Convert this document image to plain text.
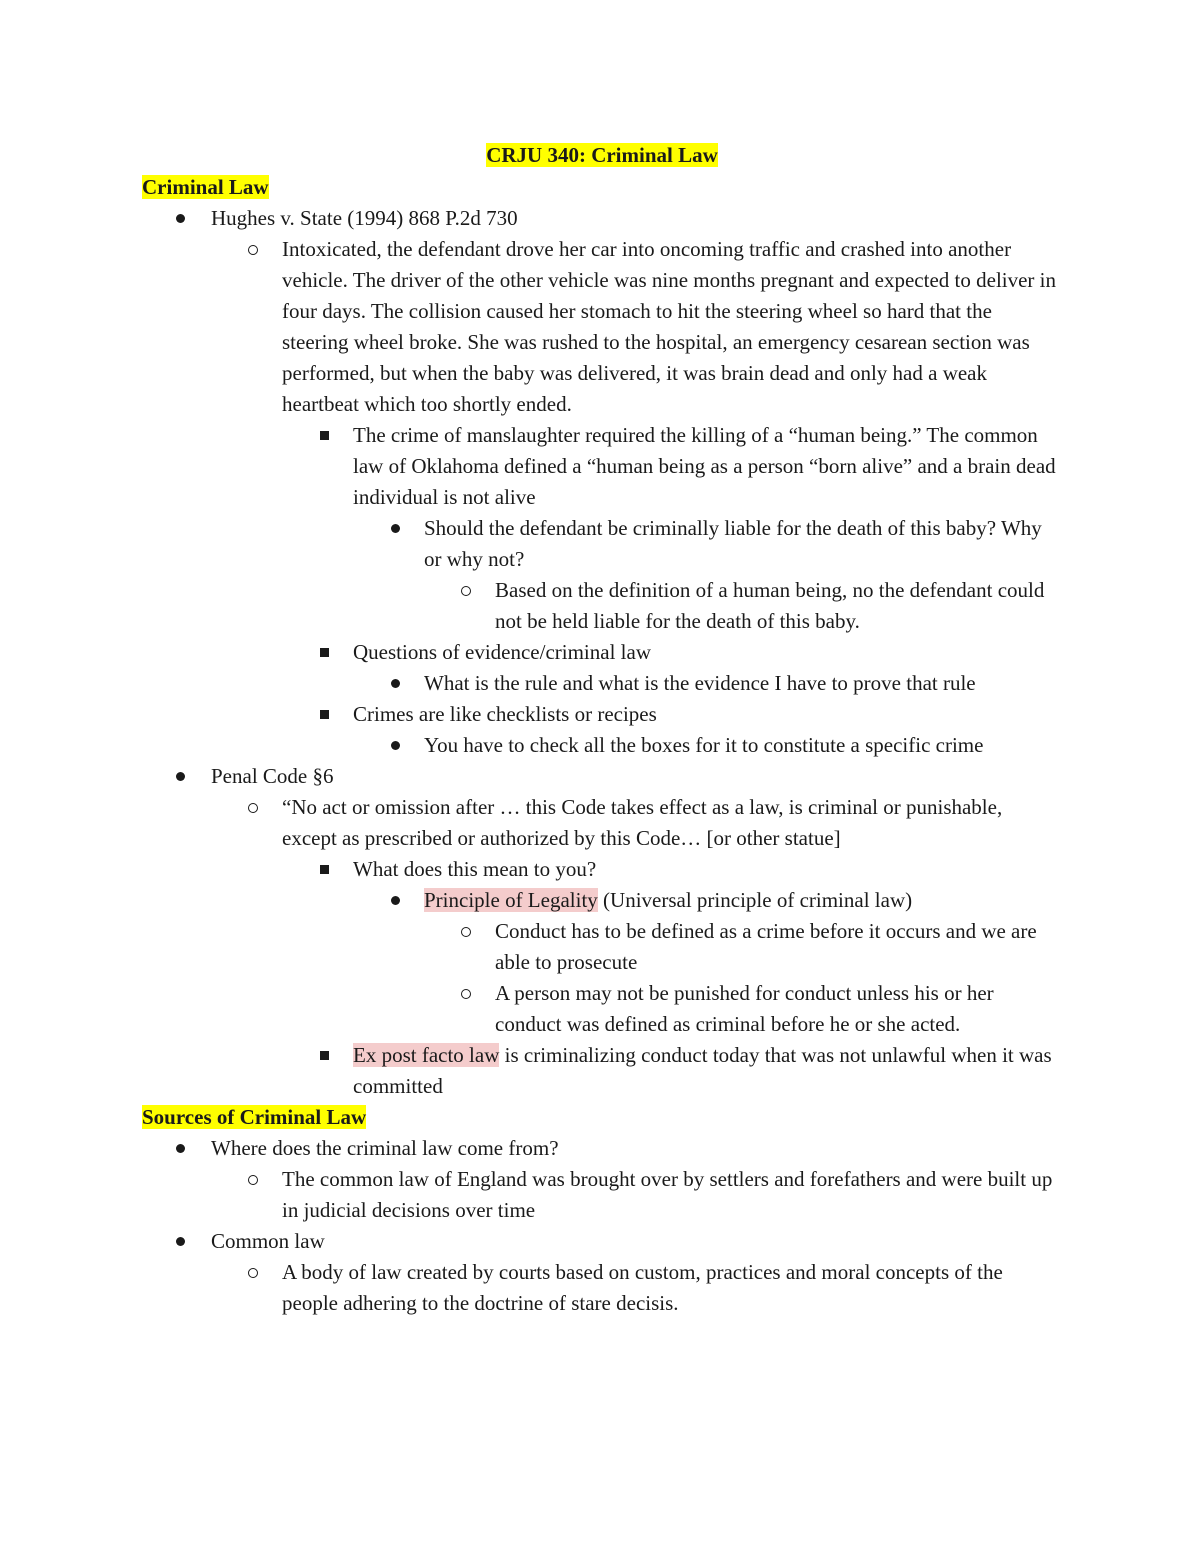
CRJU 340: Criminal Law
Criminal Law
Hughes v. State (1994) 868 P.2d 730
Intoxicated, the defendant drove her car into oncoming traffic and crashed into another vehicle. The driver of the other vehicle was nine months pregnant and expected to deliver in four days. The collision caused her stomach to hit the steering wheel so hard that the steering wheel broke. She was rushed to the hospital, an emergency cesarean section was performed, but when the baby was delivered, it was brain dead and only had a weak heartbeat which too shortly ended.
The crime of manslaughter required the killing of a “human being.” The common law of Oklahoma defined a “human being as a person “born alive” and a brain dead individual is not alive
Should the defendant be criminally liable for the death of this baby? Why or why not?
Based on the definition of a human being, no the defendant could not be held liable for the death of this baby.
Questions of evidence/criminal law
What is the rule and what is the evidence I have to prove that rule
Crimes are like checklists or recipes
You have to check all the boxes for it to constitute a specific crime
Penal Code §6
“No act or omission after … this Code takes effect as a law, is criminal or punishable, except as prescribed or authorized by this Code… [or other statue]
What does this mean to you?
Principle of Legality (Universal principle of criminal law)
Conduct has to be defined as a crime before it occurs and we are able to prosecute
A person may not be punished for conduct unless his or her conduct was defined as criminal before he or she acted.
Ex post facto law is criminalizing conduct today that was not unlawful when it was committed
Sources of Criminal Law
Where does the criminal law come from?
The common law of England was brought over by settlers and forefathers and were built up in judicial decisions over time
Common law
A body of law created by courts based on custom, practices and moral concepts of the people adhering to the doctrine of stare decisis.
